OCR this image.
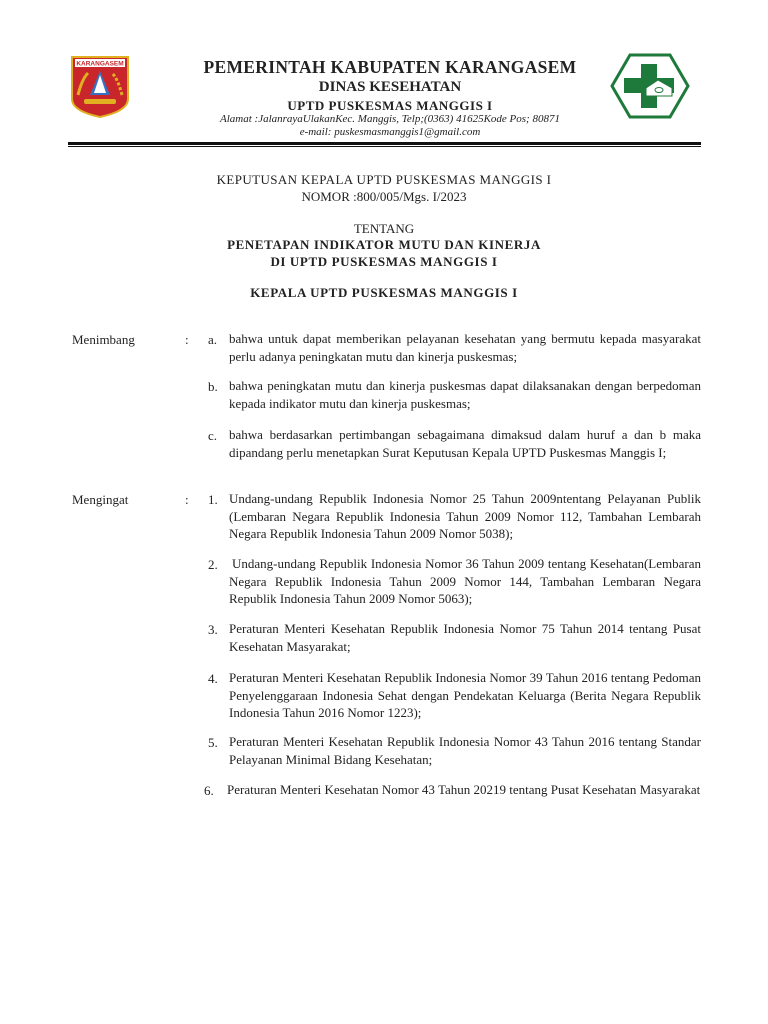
KARANGASEM	PEMERINTAH KABUPATEN KARANGASEM
DINAS KESEHATAN
UPTD PUSKESMAS MANGGIS I
Alamat :JalanrayaUlakanKec. Manggis, Telp;(0363) 41625Kode Pos; 80871
e-mail: puskesmasmanggis1@gmail.com
KEPUTUSAN KEPALA UPTD PUSKESMAS MANGGIS I
NOMOR :800/005/Mgs. I/2023
TENTANG
PENETAPAN INDIKATOR MUTU DAN KINERJA
DI UPTD PUSKESMAS MANGGIS I
KEPALA UPTD PUSKESMAS MANGGIS I
Menimbang	: a. bahwa untuk dapat memberikan pelayanan kesehatan yang bermutu kepada masyarakat perlu adanya peningkatan mutu dan kinerja puskesmas;
b. bahwa peningkatan mutu dan kinerja puskesmas dapat dilaksanakan dengan berpedoman kepada indikator mutu dan kinerja puskesmas;
c. bahwa berdasarkan pertimbangan sebagaimana dimaksud dalam huruf a dan b maka dipandang perlu menetapkan Surat Keputusan Kepala UPTD Puskesmas Manggis I;
Mengingat	: 1. Undang-undang Republik Indonesia Nomor 25 Tahun 2009ntentang Pelayanan Publik (Lembaran Negara Republik Indonesia Tahun 2009 Nomor 112, Tambahan Lembarah Negara Republik Indonesia Tahun 2009 Nomor 5038);
2. Undang-undang Republik Indonesia Nomor 36 Tahun 2009 tentang Kesehatan(Lembaran Negara Republik Indonesia Tahun 2009 Nomor 144, Tambahan Lembaran Negara Republik Indonesia Tahun 2009 Nomor 5063);
3. Peraturan Menteri Kesehatan Republik Indonesia Nomor 75 Tahun 2014 tentang Pusat Kesehatan Masyarakat;
4. Peraturan Menteri Kesehatan Republik Indonesia Nomor 39 Tahun 2016 tentang Pedoman Penyelenggaraan Indonesia Sehat dengan Pendekatan Keluarga (Berita Negara Republik Indonesia Tahun 2016 Nomor 1223);
5. Peraturan Menteri Kesehatan Republik Indonesia Nomor 43 Tahun 2016 tentang Standar Pelayanan Minimal Bidang Kesehatan;
6. Peraturan Menteri Kesehatan Nomor 43 Tahun 20219 tentang Pusat Kesehatan Masyarakat
